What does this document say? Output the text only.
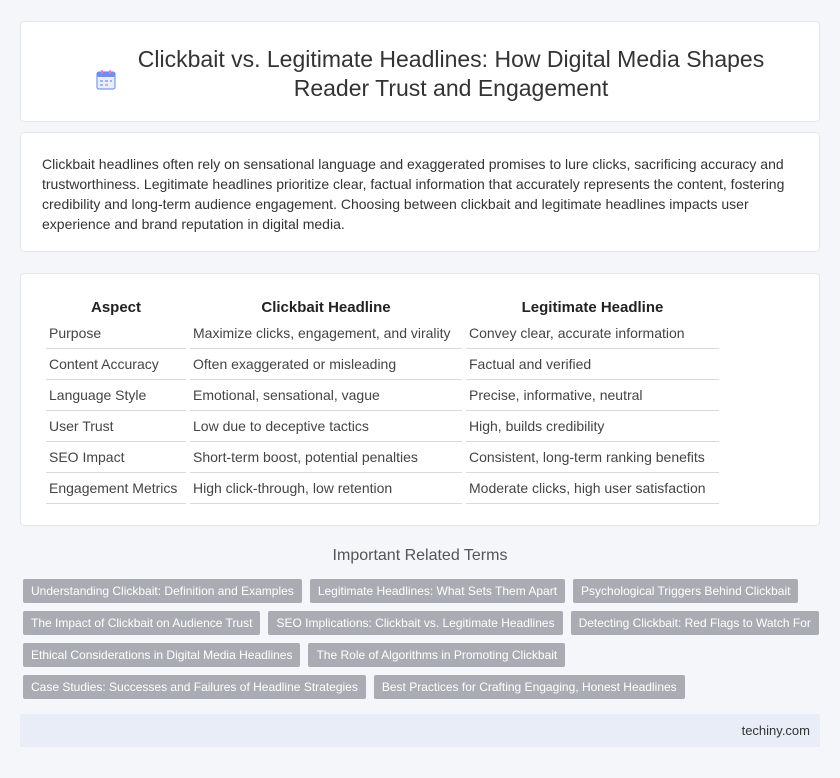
Clickbait vs. Legitimate Headlines: How Digital Media Shapes Reader Trust and Engagement

Clickbait headlines often rely on sensational language and exaggerated promises to lure clicks, sacrificing accuracy and trustworthiness. Legitimate headlines prioritize clear, factual information that accurately represents the content, fostering credibility and long-term audience engagement. Choosing between clickbait and legitimate headlines impacts user experience and brand reputation in digital media.

Aspect	Clickbait Headline	Legitimate Headline
Purpose	Maximize clicks, engagement, and virality	Convey clear, accurate information
Content Accuracy	Often exaggerated or misleading	Factual and verified
Language Style	Emotional, sensational, vague	Precise, informative, neutral
User Trust	Low due to deceptive tactics	High, builds credibility
SEO Impact	Short-term boost, potential penalties	Consistent, long-term ranking benefits
Engagement Metrics	High click-through, low retention	Moderate clicks, high user satisfaction
Important Related Terms
Understanding Clickbait: Definition and Examples	Legitimate Headlines: What Sets Them Apart	Psychological Triggers Behind Clickbait
The Impact of Clickbait on Audience Trust	SEO Implications: Clickbait vs. Legitimate Headlines	Detecting Clickbait: Red Flags to Watch For
Ethical Considerations in Digital Media Headlines	The Role of Algorithms in Promoting Clickbait
Case Studies: Successes and Failures of Headline Strategies	Best Practices for Crafting Engaging, Honest Headlines
techiny.com
